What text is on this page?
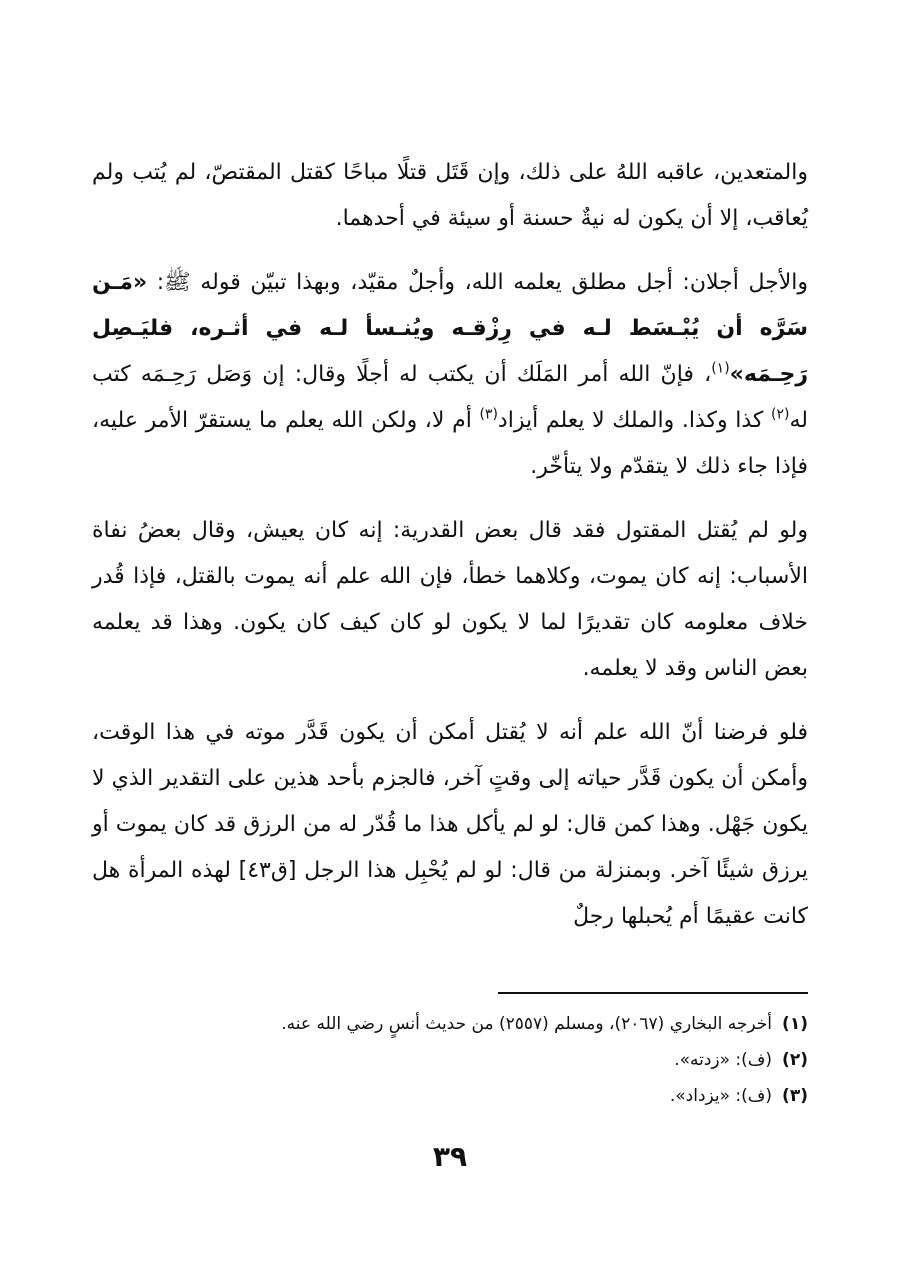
والمتعدين، عاقبه اللهُ على ذلك، وإن قَتَل قتلًا مباحًا كقتل المقتصّ، لم يُتب ولم يُعاقب، إلا أن يكون له نيةٌ حسنة أو سيئة في أحدهما.

والأجل أجلان: أجل مطلق يعلمه الله، وأجلٌ مقيّد، وبهذا تبيّن قوله ﷺ: «مَـن سَرَّه أن يُبْـسَط لـه في رِزْقـه ويُنـسأ لـه في أثـره، فليَـصِل رَحِـمَه»$^{(١)}$، فإنّ الله أمر المَلَك أن يكتب له أجلًا وقال: إن وَصَل رَحِـمَه كتب له$^{(٢)}$ كذا وكذا. والملك لا يعلم أيزاد$^{(٣)}$ أم لا، ولكن الله يعلم ما يستقرّ الأمر عليه، فإذا جاء ذلك لا يتقدّم ولا يتأخّر.

ولو لم يُقتل المقتول فقد قال بعض القدرية: إنه كان يعيش، وقال بعضُ نفاة الأسباب: إنه كان يموت، وكلاهما خطأ، فإن الله علم أنه يموت بالقتل، فإذا قُدر خلاف معلومه كان تقديرًا لما لا يكون لو كان كيف كان يكون. وهذا قد يعلمه بعض الناس وقد لا يعلمه.

فلو فرضنا أنّ الله علم أنه لا يُقتل أمكن أن يكون قَدَّر موته في هذا الوقت، وأمكن أن يكون قَدَّر حياته إلى وقتٍ آخر، فالجزم بأحد هذين على التقدير الذي لا يكون جَهْل. وهذا كمن قال: لو لم يأكل هذا ما قُدّر له من الرزق قد كان يموت أو يرزق شيئًا آخر. وبمنزلة من قال: لو لم يُحْبِل هذا الرجل [ق٤٣] لهذه المرأة هل كانت عقيمًا أم يُحبلها رجلٌ

(١)أخرجه البخاري (٢٠٦٧)، ومسلم (٢٥٥٧) من حديث أنسٍ رضي الله عنه.
(٢)(ف): «زدته».
(٣)(ف): «يزداد».
٣٩
